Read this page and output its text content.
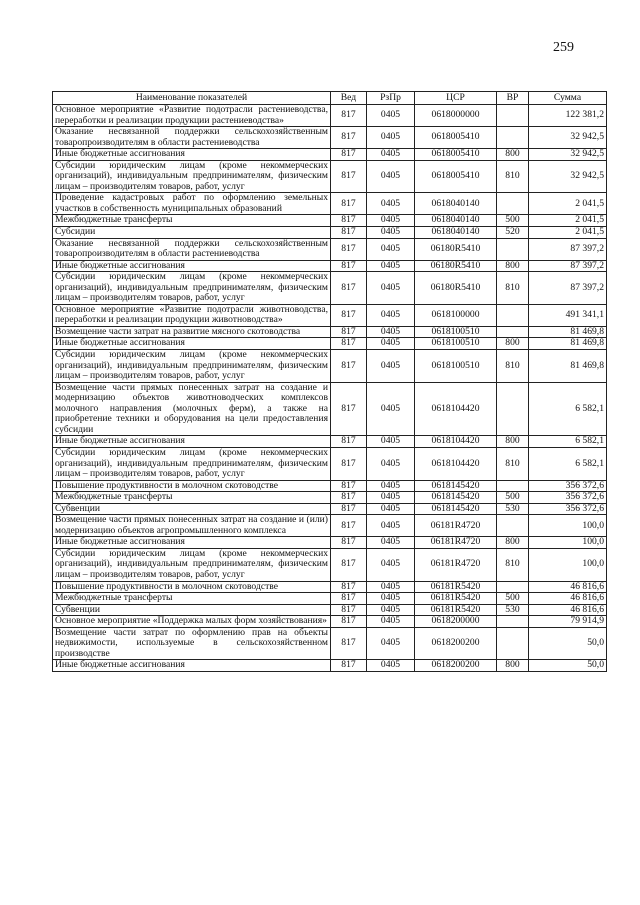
259
Наименование показателей	Вед	РзПр	ЦСР	ВР	Сумма
Основное мероприятие «Развитие подотрасли растениеводства, переработки и реализации продукции растениеводства»	817	0405	0618000000		122 381,2
Оказание несвязанной поддержки сельскохозяйственным товаропроизводителям в области растениеводства	817	0405	0618005410		32 942,5
Иные бюджетные ассигнования	817	0405	0618005410	800	32 942,5
Субсидии юридическим лицам (кроме некоммерческих организаций), индивидуальным предпринимателям, физическим лицам – производителям товаров, работ, услуг	817	0405	0618005410	810	32 942,5
Проведение кадастровых работ по оформлению земельных участков в собственность муниципальных образований	817	0405	0618040140		2 041,5
Межбюджетные трансферты	817	0405	0618040140	500	2 041,5
Субсидии	817	0405	0618040140	520	2 041,5
Оказание несвязанной поддержки сельскохозяйственным товаропроизводителям в области растениеводства	817	0405	06180R5410		87 397,2
Иные бюджетные ассигнования	817	0405	06180R5410	800	87 397,2
Субсидии юридическим лицам (кроме некоммерческих организаций), индивидуальным предпринимателям, физическим лицам – производителям товаров, работ, услуг	817	0405	06180R5410	810	87 397,2
Основное мероприятие «Развитие подотрасли животноводства, переработки и реализации продукции животноводства»	817	0405	0618100000		491 341,1
Возмещение части затрат на развитие мясного скотоводства	817	0405	0618100510		81 469,8
Иные бюджетные ассигнования	817	0405	0618100510	800	81 469,8
Субсидии юридическим лицам (кроме некоммерческих организаций), индивидуальным предпринимателям, физическим лицам – производителям товаров, работ, услуг	817	0405	0618100510	810	81 469,8
Возмещение части прямых понесенных затрат на создание и модернизацию объектов животноводческих комплексов молочного направления (молочных ферм), а также на приобретение техники и оборудования на цели предоставления субсидии	817	0405	0618104420		6 582,1
Иные бюджетные ассигнования	817	0405	0618104420	800	6 582,1
Субсидии юридическим лицам (кроме некоммерческих организаций), индивидуальным предпринимателям, физическим лицам – производителям товаров, работ, услуг	817	0405	0618104420	810	6 582,1
Повышение продуктивности в молочном скотоводстве	817	0405	0618145420		356 372,6
Межбюджетные трансферты	817	0405	0618145420	500	356 372,6
Субвенции	817	0405	0618145420	530	356 372,6
Возмещение части прямых понесенных затрат на создание и (или) модернизацию объектов агропромышленного комплекса	817	0405	06181R4720		100,0
Иные бюджетные ассигнования	817	0405	06181R4720	800	100,0
Субсидии юридическим лицам (кроме некоммерческих организаций), индивидуальным предпринимателям, физическим лицам – производителям товаров, работ, услуг	817	0405	06181R4720	810	100,0
Повышение продуктивности в молочном скотоводстве	817	0405	06181R5420		46 816,6
Межбюджетные трансферты	817	0405	06181R5420	500	46 816,6
Субвенции	817	0405	06181R5420	530	46 816,6
Основное мероприятие «Поддержка малых форм хозяйствования»	817	0405	0618200000		79 914,9
Возмещение части затрат по оформлению прав на объекты недвижимости, используемые в сельскохозяйственном производстве	817	0405	0618200200		50,0
Иные бюджетные ассигнования	817	0405	0618200200	800	50,0
